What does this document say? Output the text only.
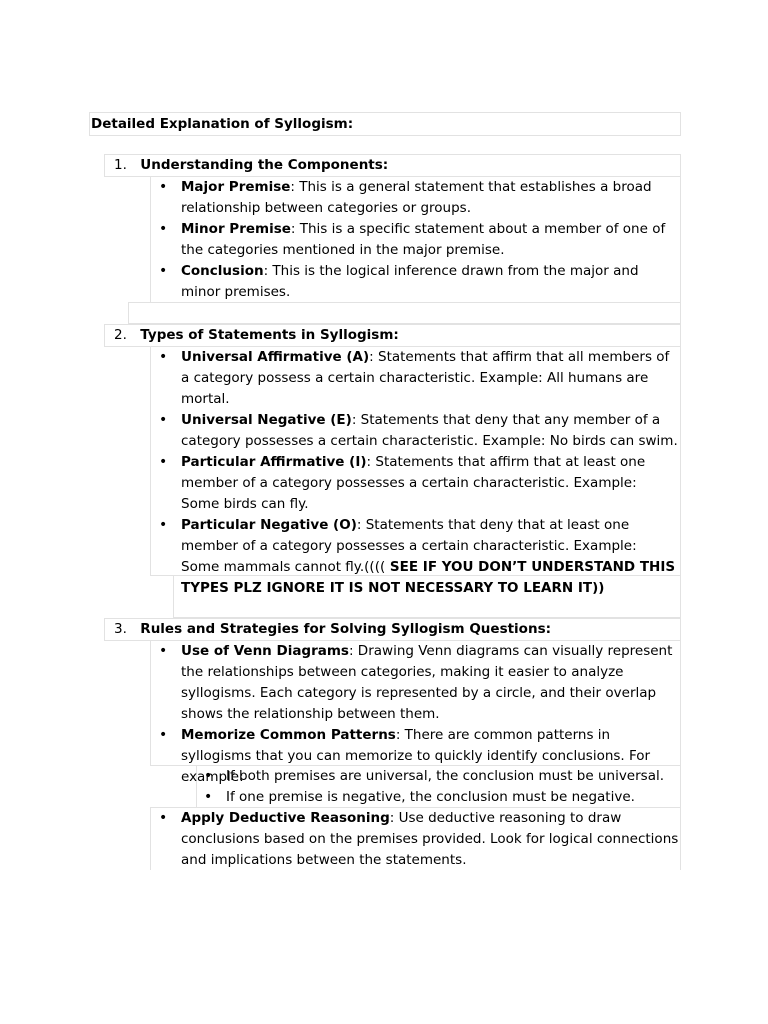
Detailed Explanation of Syllogism:
1. Understanding the Components:
• Major Premise: This is a general statement that establishes a broad relationship between categories or groups.
• Minor Premise: This is a specific statement about a member of one of the categories mentioned in the major premise.
• Conclusion: This is the logical inference drawn from the major and minor premises.
2. Types of Statements in Syllogism:
• Universal Affirmative (A): Statements that affirm that all members of a category possess a certain characteristic. Example: All humans are mortal.
• Universal Negative (E): Statements that deny that any member of a category possesses a certain characteristic. Example: No birds can swim.
• Particular Affirmative (I): Statements that affirm that at least one member of a category possesses a certain characteristic. Example: Some birds can fly.
• Particular Negative (O): Statements that deny that at least one member of a category possesses a certain characteristic. Example: Some mammals cannot fly.(((( SEE IF YOU DON’T UNDERSTAND THIS TYPES PLZ IGNORE IT IS NOT NECESSARY TO LEARN IT))
3. Rules and Strategies for Solving Syllogism Questions:
• Use of Venn Diagrams: Drawing Venn diagrams can visually represent the relationships between categories, making it easier to analyze syllogisms. Each category is represented by a circle, and their overlap shows the relationship between them.
• Memorize Common Patterns: There are common patterns in syllogisms that you can memorize to quickly identify conclusions. For example:
• If both premises are universal, the conclusion must be universal.
• If one premise is negative, the conclusion must be negative.
• Apply Deductive Reasoning: Use deductive reasoning to draw conclusions based on the premises provided. Look for logical connections and implications between the statements.
